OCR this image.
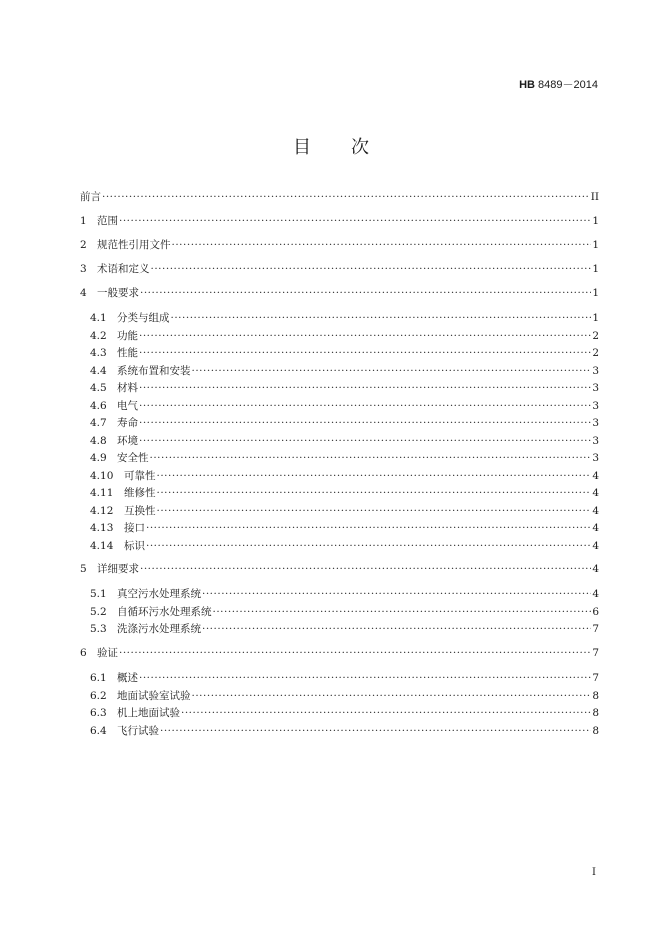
HB 8489－2014
目次
前言 ·····	II
1 范围 ·····	1
2 规范性引用文件 ·····	1
3 术语和定义 ·····	1
4 一般要求 ·····	1
4.1 分类与组成 ·····	1
4.2 功能 ·····	2
4.3 性能 ·····	2
4.4 系统布置和安装 ·····	3
4.5 材料 ·····	3
4.6 电气 ·····	3
4.7 寿命 ·····	3
4.8 环境 ·····	3
4.9 安全性 ·····	3
4.10	可靠性 ·····	4
4.11	维修性 ·····	4
4.12	互换性 ·····	4
4.13	接口 ·····	4
4.14	标识 ·····	4
5 详细要求 ·····	4
5.1 真空污水处理系统 ·····	4
5.2 自循环污水处理系统 ·····	6
5.3 洗涤污水处理系统 ·····	7
6 验证 ·····	7
6.1 概述 ·····	7
6.2 地面试验室试验 ·····	8
6.3 机上地面试验 ·····	8
6.4 飞行试验 ·····	8
I
